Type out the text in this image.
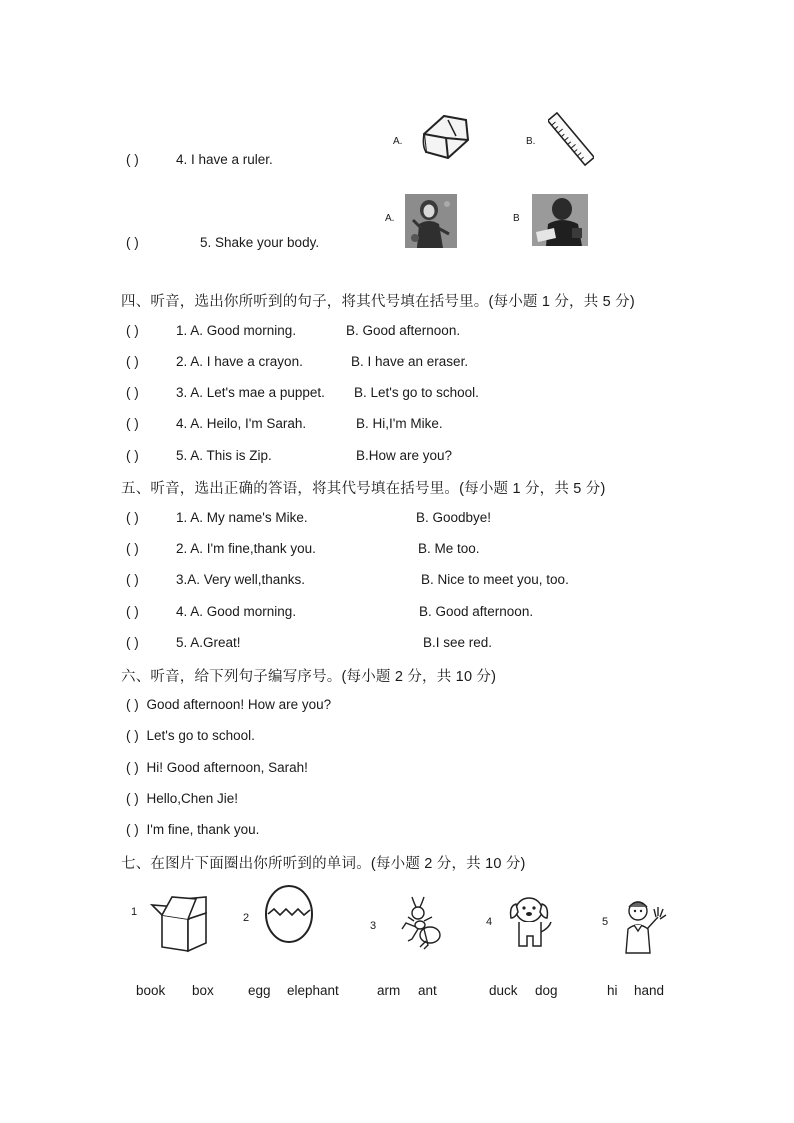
( )	4. I have a ruler.
A.	B.
( )	5. Shake your body.
A.	B
四、听音，选出你所听到的句子，将其代号填在括号里。(每小题 1 分，共 5 分)
( )	1. A. Good morning.	B. Good afternoon.
( )	2. A. I have a crayon.	B. I have an eraser.
( )	3. A. Let's mae a puppet. B. Let's go to school.
( )	4. A. Heilo, I'm Sarah.	B. Hi,I'm Mike.
( )	5. A. This is Zip.	B.How are you?
五、听音，选出正确的答语，将其代号填在括号里。(每小题 1 分，共 5 分)
( )	1. A. My name's Mike.	B. Goodbye!
( )	2. A. I'm fine,thank you.	B. Me too.
( )	3.A. Very well,thanks.	B. Nice to meet you, too.
( )	4. A. Good morning.	B. Good afternoon.
( )	5. A.Great!	B.I see red.
六、听音，给下列句子编写序号。(每小题 2 分，共 10 分)
( ) Good afternoon! How are you?
( ) Let's go to school.
( ) Hi! Good afternoon, Sarah!
( ) Hello,Chen Jie!
( ) I'm fine, thank you.
七、在图片下面圈出你所听到的单词。(每小题 2 分，共 10 分)
1	2
3	4	5
book box	egg elephant	arm ant	duck dog	hi hand
